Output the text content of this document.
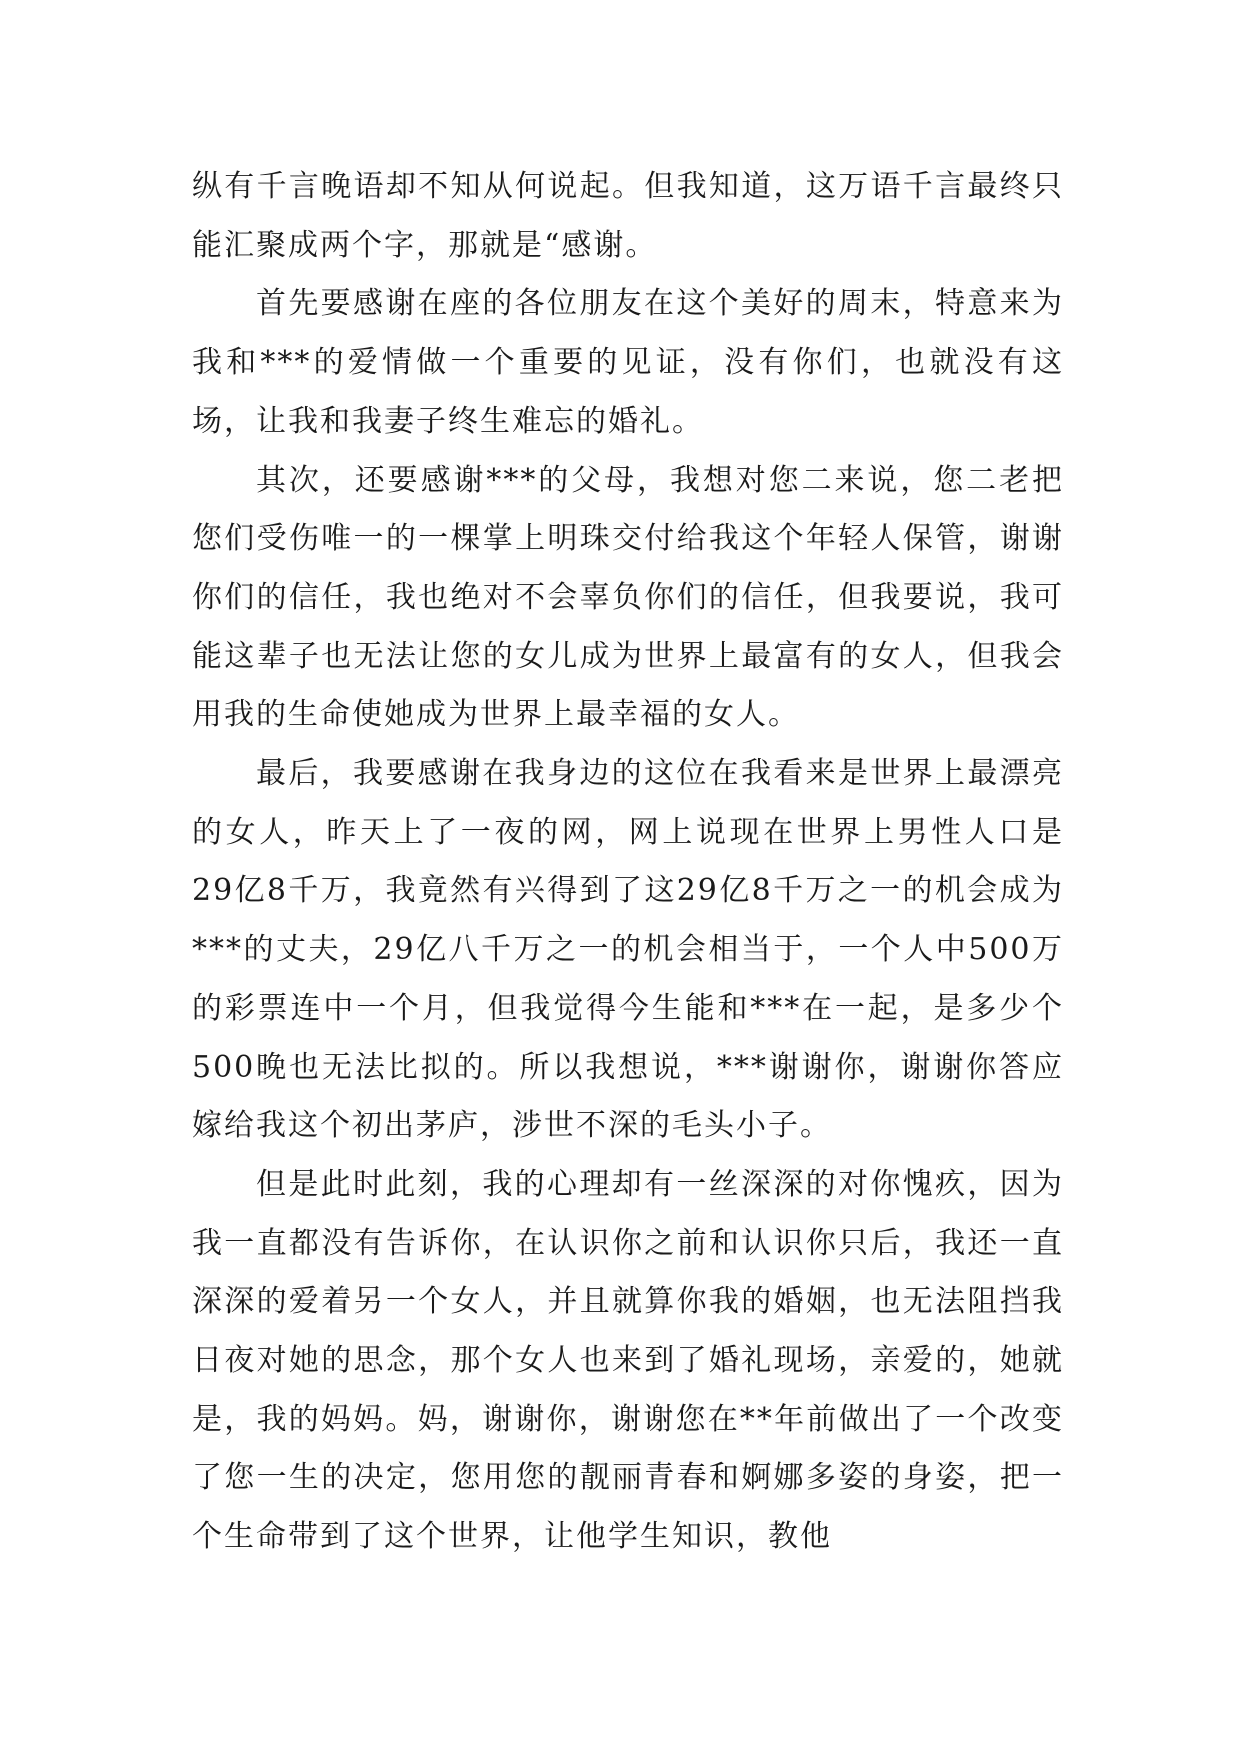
纵有千言晚语却不知从何说起。但我知道，这万语千言最终只能汇聚成两个字，那就是“感谢。

首先要感谢在座的各位朋友在这个美好的周末，特意来为我和***的爱情做一个重要的见证，没有你们，也就没有这场，让我和我妻子终生难忘的婚礼。

其次，还要感谢***的父母，我想对您二来说，您二老把您们受伤唯一的一棵掌上明珠交付给我这个年轻人保管，谢谢你们的信任，我也绝对不会辜负你们的信任，但我要说，我可能这辈子也无法让您的女儿成为世界上最富有的女人，但我会用我的生命使她成为世界上最幸福的女人。

最后，我要感谢在我身边的这位在我看来是世界上最漂亮的女人，昨天上了一夜的网，网上说现在世界上男性人口是29亿8千万，我竟然有兴得到了这29亿8千万之一的机会成为***的丈夫，29亿八千万之一的机会相当于，一个人中500万的彩票连中一个月，但我觉得今生能和***在一起，是多少个500晚也无法比拟的。所以我想说，***谢谢你，谢谢你答应嫁给我这个初出茅庐，涉世不深的毛头小子。

但是此时此刻，我的心理却有一丝深深的对你愧疚，因为我一直都没有告诉你，在认识你之前和认识你只后，我还一直深深的爱着另一个女人，并且就算你我的婚姻，也无法阻挡我日夜对她的思念，那个女人也来到了婚礼现场，亲爱的，她就是，我的妈妈。妈，谢谢你，谢谢您在**年前做出了一个改变了您一生的决定，您用您的靓丽青春和婀娜多姿的身姿，把一个生命带到了这个世界，让他学生知识，教他
